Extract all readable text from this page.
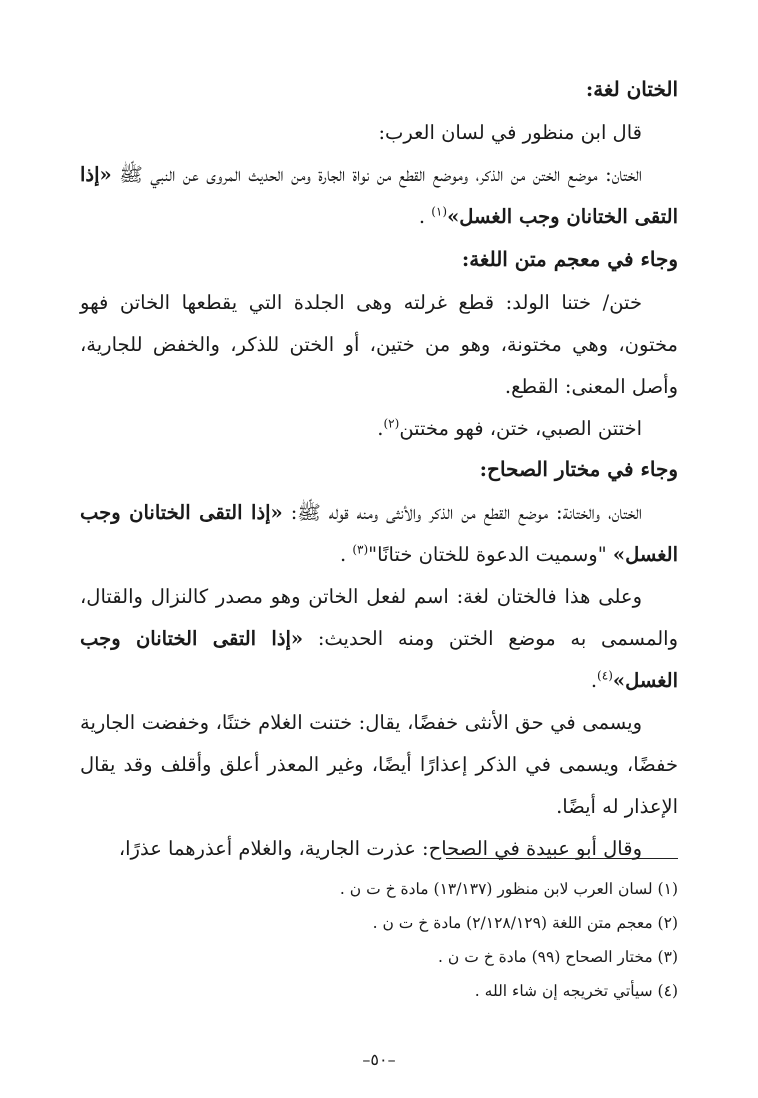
الختان لغة:

قال ابن منظور في لسان العرب:

الختان: موضع الختن من الذكر، وموضع القطع من نواة الجارة ومن الحديث المروى عن النبي ﷺ «إذا التقى الختانان وجب الغسل»$^{(١)}$ .

وجاء في معجم متن اللغة:

ختن/ ختنا الولد: قطع غرلته وهى الجلدة التي يقطعها الخاتن فهو مختون، وهي مختونة، وهو من ختين، أو الختن للذكر، والخفض للجارية، وأصل المعنى: القطع.

اختتن الصبي، ختن، فهو مختتن$^{(٢)}$.

وجاء في مختار الصحاح:

الختان، والختانة: موضع القطع من الذكر والأنثى ومنه قوله ﷺ: «إذا التقى الختانان وجب الغسل» "وسميت الدعوة للختان ختانًا"$^{(٣)}$ .

وعلى هذا فالختان لغة: اسم لفعل الخاتن وهو مصدر كالنزال والقتال، والمسمى به موضع الختن ومنه الحديث: «إذا التقى الختانان وجب الغسل»$^{(٤)}$.

ويسمى في حق الأنثى خفضًا، يقال: ختنت الغلام ختنًا، وخفضت الجارية خفضًا، ويسمى في الذكر إعذارًا أيضًا، وغير المعذر أعلق وأقلف وقد يقال الإعذار له أيضًا.

وقال أبو عبيدة في الصحاح: عذرت الجارية، والغلام أعذرهما عذرًا،

(١) لسان العرب لابن منظور (١٣/١٣٧) مادة خ ت ن .

(٢) معجم متن اللغة (٢/١٢٨/١٢٩) مادة خ ت ن .

(٣) مختار الصحاح (٩٩) مادة خ ت ن .

(٤) سيأتي تخريجه إن شاء الله .

–٥٠–
